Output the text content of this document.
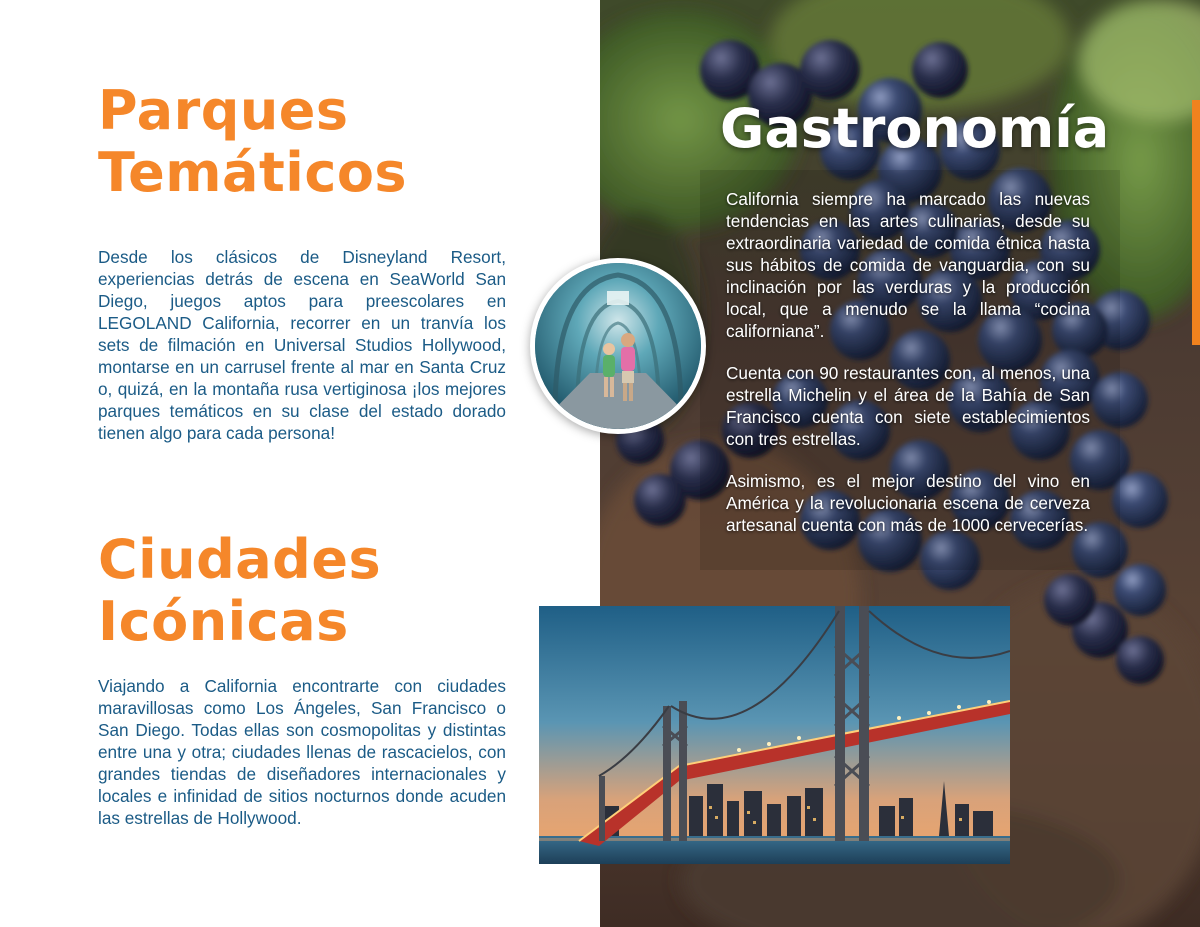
Parques
Temáticos

Desde los clásicos de Disneyland Resort, experiencias detrás de escena en SeaWorld San Diego, juegos aptos para preescolares en LEGOLAND California, recorrer en un tranvía los sets de filmación en Universal Studios Hollywood, montarse en un carrusel frente al mar en Santa Cruz o, quizá, en la montaña rusa vertiginosa ¡los mejores parques temáticos en su clase del estado dorado tienen algo para cada persona!

Ciudades
Icónicas

Viajando a California encontrarte con ciudades maravillosas como Los Ángeles, San Francisco o San Diego. Todas ellas son cosmopolitas y distintas entre una y otra; ciudades llenas de rascacielos, con grandes tiendas de diseñadores internacionales y locales e infinidad de sitios nocturnos donde acuden las estrellas de Hollywood.

Gastronomía

California siempre ha marcado las nuevas tendencias en las artes culinarias, desde su extraordinaria variedad de comida étnica hasta sus hábitos de comida de vanguardia, con su inclinación por las verduras y la producción local, que a menudo se la llama “cocina californiana”.

Cuenta con 90 restaurantes con, al menos, una estrella Michelin y el área de la Bahía de San Francisco cuenta con siete establecimientos con tres estrellas.

Asimismo, es el mejor destino del vino en América y la revolucionaria escena de cerveza artesanal cuenta con más de 1000 cervecerías.
